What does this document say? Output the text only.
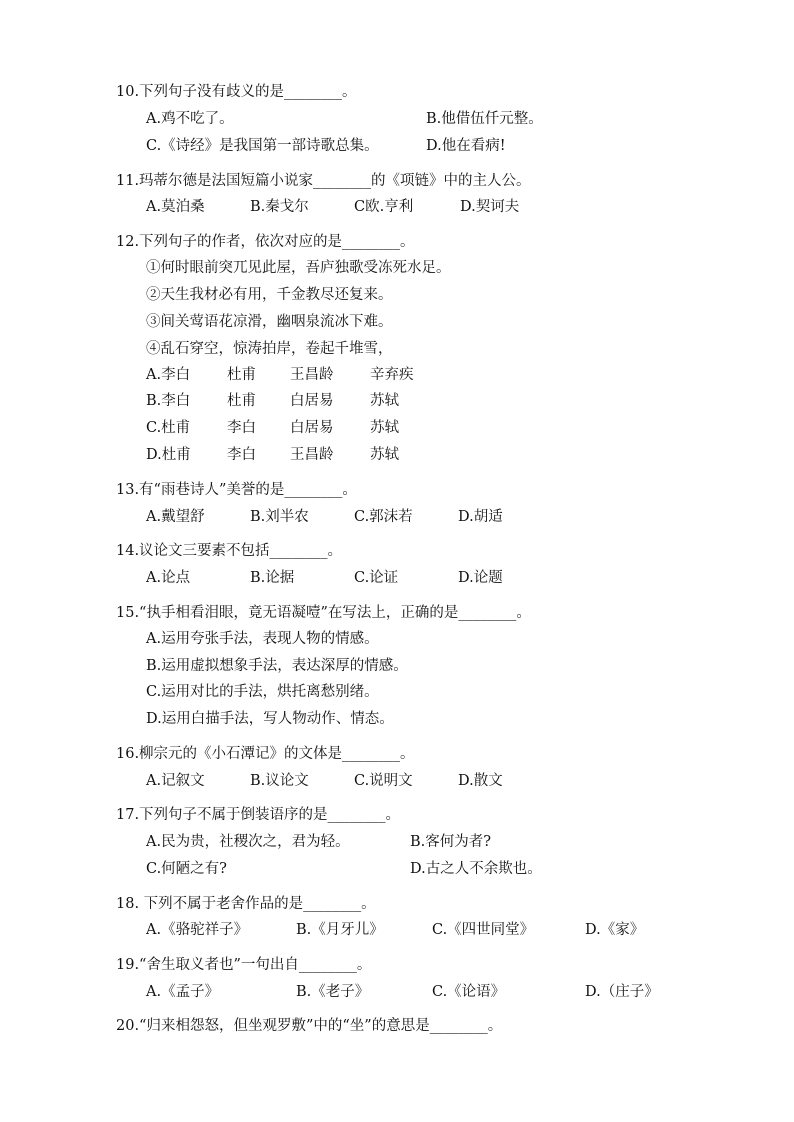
10.下列句子没有歧义的是________。
A.鸡不吃了。	B.他借伍仟元整。
C.《诗经》是我国第一部诗歌总集。	D.他在看病!
11.玛蒂尔德是法国短篇小说家________的《项链》中的主人公。
A.莫泊桑	B.秦戈尔	C欧.亨利	D.契诃夫
12.下列句子的作者，依次对应的是________。
①何时眼前突兀见此屋，吾庐独歌受冻死水足。
②天生我材必有用，千金教尽还复来。
③间关莺语花凉滑，幽咽泉流冰下难。
④乱石穿空，惊涛拍岸，卷起千堆雪，
A.李白	杜甫 王昌龄	辛弃疾
B.李白	杜甫 白居易	苏轼
C.杜甫	李白 白居易	苏轼
D.杜甫	李白 王昌龄	苏轼
13.有“雨巷诗人”美誉的是________。
A.戴望舒	B.刘半农	C.郭沫若	D.胡适
14.议论文三要素不包括________。
A.论点	B.论据	C.论证	D.论题
15.“执手相看泪眼，竟无语凝噎”在写法上，正确的是________。
A.运用夸张手法，表现人物的情感。
B.运用虚拟想象手法，表达深厚的情感。
C.运用对比的手法，烘托离愁别绪。
D.运用白描手法，写人物动作、情态。
16.柳宗元的《小石潭记》的文体是________。
A.记叙文	B.议论文	C.说明文	D.散文
17.下列句子不属于倒装语序的是________。
A.民为贵，社稷次之，君为轻。	B.客何为者?
C.何陋之有?	D.古之人不余欺也。
18. 下列不属于老舍作品的是________。
A.《骆驼祥子》	B.《月牙儿》	C.《四世同堂》	D.《家》
19.“舍生取义者也”一句出自________。
A.《孟子》	B.《老子》	C.《论语》	D.（庄子》
20.“归来相怨怒，但坐观罗敷”中的“坐”的意思是________。
